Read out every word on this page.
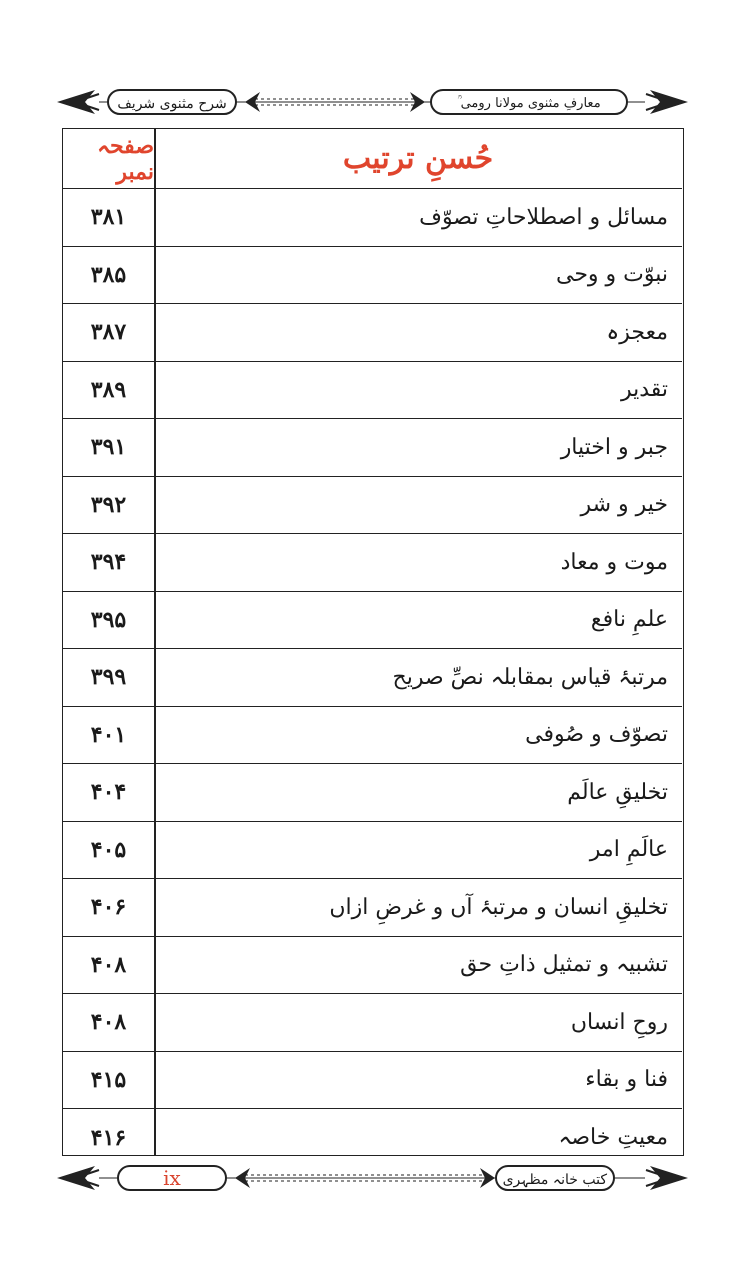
شرح مثنوی شریف	معارفِ مثنوی مولانا رومی ؒ
صفحہ نمبر	حُسنِ ترتیب
۳۸۱	مسائل و اصطلاحاتِ تصوّف
۳۸۵	نبوّت و وحی
۳۸۷	معجزہ
۳۸۹	تقدیر
۳۹۱	جبر و اختیار
۳۹۲	خیر و شر
۳۹۴	موت و معاد
۳۹۵	علمِ نافع
۳۹۹	مرتبۂ قیاس بمقابلہ نصِّ صریح
۴۰۱	تصوّف و صُوفی
۴۰۴	تخلیقِ عالَم
۴۰۵	عالَمِ امر
۴۰۶	تخلیقِ انسان و مرتبۂ آں و غرضِ ازاں
۴۰۸	تشبیہ و تمثیل ذاتِ حق
۴۰۸	روحِ انساں
۴۱۵	فنا و بقاء
۴۱۶	معیتِ خاصہ
ix	کتب خانہ مظہری
